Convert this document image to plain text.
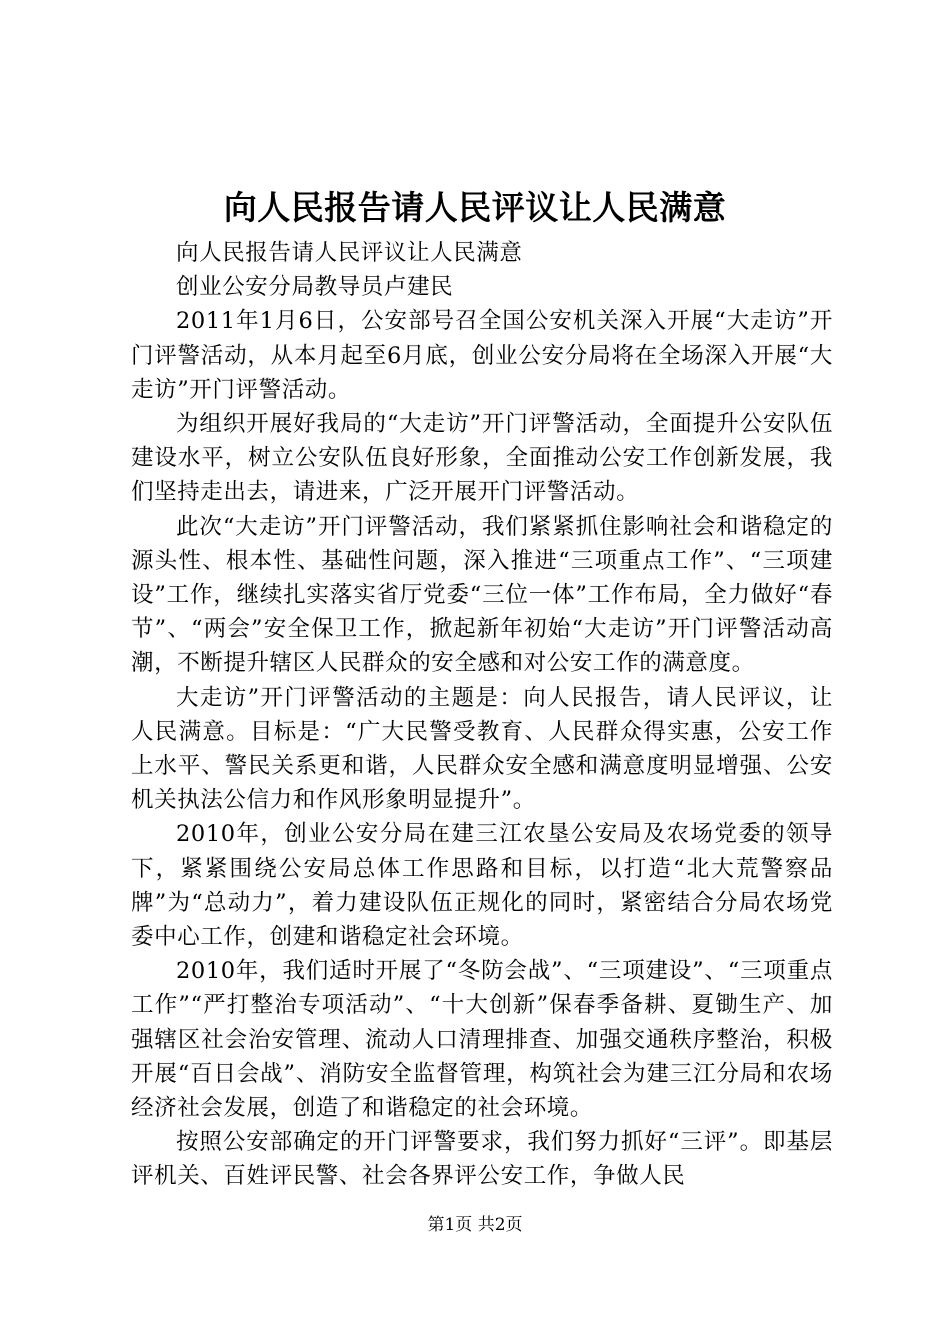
向人民报告请人民评议让人民满意

向人民报告请人民评议让人民满意

创业公安分局教导员卢建民

2011年1月6日，公安部号召全国公安机关深入开展“大走访”开门评警活动，从本月起至6月底，创业公安分局将在全场深入开展“大走访”开门评警活动。

为组织开展好我局的“大走访”开门评警活动，全面提升公安队伍建设水平，树立公安队伍良好形象，全面推动公安工作创新发展，我们坚持走出去，请进来，广泛开展开门评警活动。

此次“大走访”开门评警活动，我们紧紧抓住影响社会和谐稳定的源头性、根本性、基础性问题，深入推进“三项重点工作”、“三项建设”工作，继续扎实落实省厅党委“三位一体”工作布局，全力做好“春节”、“两会”安全保卫工作，掀起新年初始“大走访”开门评警活动高潮，不断提升辖区人民群众的安全感和对公安工作的满意度。

大走访”开门评警活动的主题是：向人民报告，请人民评议，让人民满意。目标是：“广大民警受教育、人民群众得实惠，公安工作上水平、警民关系更和谐，人民群众安全感和满意度明显增强、公安机关执法公信力和作风形象明显提升”。

2010年，创业公安分局在建三江农垦公安局及农场党委的领导下，紧紧围绕公安局总体工作思路和目标，以打造“北大荒警察品牌”为“总动力”，着力建设队伍正规化的同时，紧密结合分局农场党委中心工作，创建和谐稳定社会环境。

2010年，我们适时开展了“冬防会战”、“三项建设”、“三项重点工作”“严打整治专项活动”、“十大创新”保春季备耕、夏锄生产、加强辖区社会治安管理、流动人口清理排查、加强交通秩序整治，积极开展“百日会战”、消防安全监督管理，构筑社会为建三江分局和农场经济社会发展，创造了和谐稳定的社会环境。

按照公安部确定的开门评警要求，我们努力抓好“三评”。即基层评机关、百姓评民警、社会各界评公安工作，争做人民

第1页 共2页
